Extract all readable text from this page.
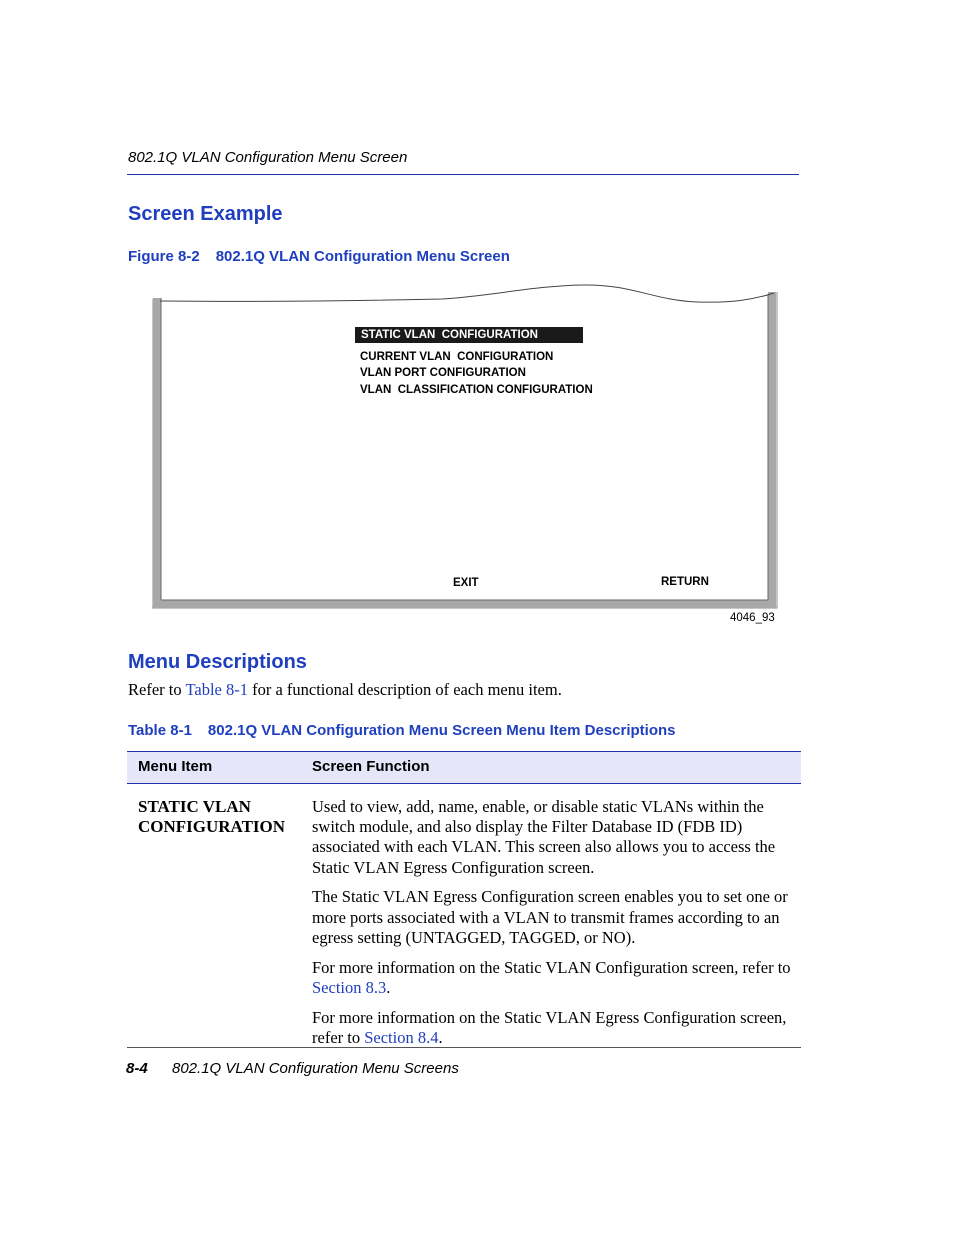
802.1Q VLAN Configuration Menu Screen
Screen Example
Figure 8-2 802.1Q VLAN Configuration Menu Screen
STATIC VLAN  CONFIGURATION
CURRENT VLAN  CONFIGURATION
VLAN PORT CONFIGURATION
VLAN  CLASSIFICATION CONFIGURATION
EXIT	RETURN
4046_93
Menu Descriptions
Refer to Table 8-1 for a functional description of each menu item.
Table 8-1 802.1Q VLAN Configuration Menu Screen Menu Item Descriptions
Menu Item	Screen Function
STATIC VLAN
CONFIGURATION

Used to view, add, name, enable, or disable static VLANs within the switch module, and also display the Filter Database ID (FDB ID) associated with each VLAN. This screen also allows you to access the Static VLAN Egress Configuration screen.

The Static VLAN Egress Configuration screen enables you to set one or more ports associated with a VLAN to transmit frames according to an egress setting (UNTAGGED, TAGGED, or NO).

For more information on the Static VLAN Configuration screen, refer to Section 8.3.

For more information on the Static VLAN Egress Configuration screen, refer to Section 8.4.

8-4 802.1Q VLAN Configuration Menu Screens
